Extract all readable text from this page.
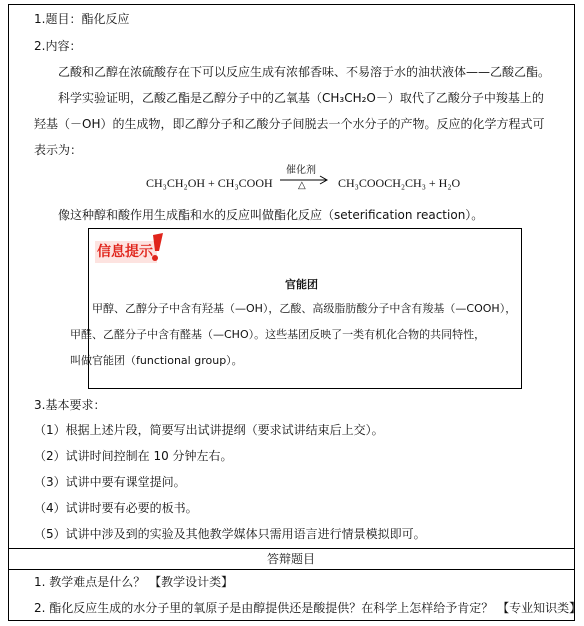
1.题目：酯化反应
2.内容：
乙酸和乙醇在浓硫酸存在下可以反应生成有浓郁香味、不易溶于水的油状液体——乙酸乙酯。
科学实验证明，乙酸乙酯是乙醇分子中的乙氧基（CH₃CH₂O－）取代了乙酸分子中羧基上的
羟基（－OH）的生成物，即乙醇分子和乙酸分子间脱去一个水分子的产物。反应的化学方程式可
表示为：
CH₃CH₂OH + CH₃COOH
催化剂
△	CH₃COOCH₂CH₃ + H₂O
像这种醇和酸作用生成酯和水的反应叫做酯化反应（seterification reaction）。
信息提示
官能团
甲醇、乙醇分子中含有羟基（—OH），乙酸、高级脂肪酸分子中含有羧基（—COOH），
甲醛、乙醛分子中含有醛基（—CHO）。这些基团反映了一类有机化合物的共同特性，
叫做官能团（functional group）。
3.基本要求：
（1）根据上述片段，简要写出试讲提纲（要求试讲结束后上交）。
（2）试讲时间控制在 10 分钟左右。
（3）试讲中要有课堂提问。
（4）试讲时要有必要的板书。
（5）试讲中涉及到的实验及其他教学媒体只需用语言进行情景模拟即可。
答辩题目
1. 教学难点是什么？ 【教学设计类】
2. 酯化反应生成的水分子里的氧原子是由醇提供还是酸提供？在科学上怎样给予肯定？ 【专业知识类】
